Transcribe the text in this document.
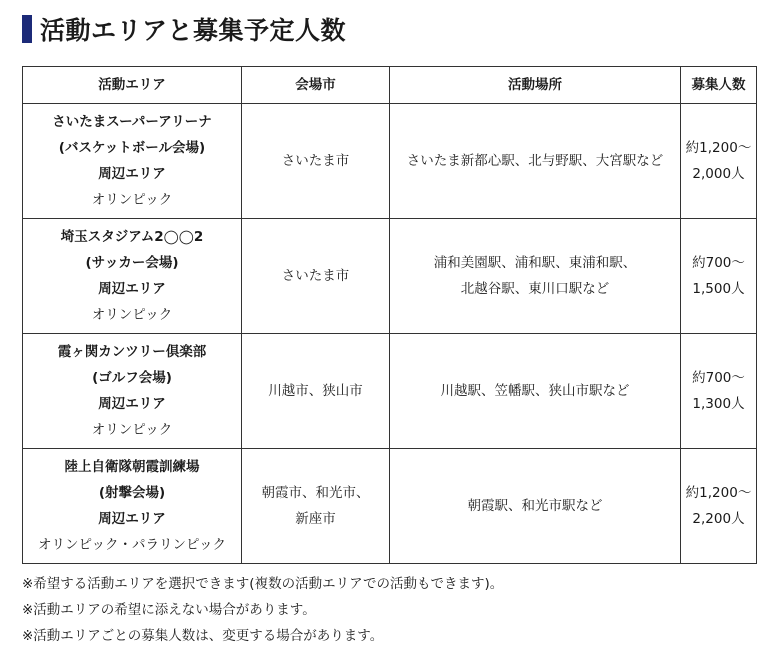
活動エリアと募集予定人数
活動エリア	会場市	活動場所	募集人数

さいたまスーパーアリーナ
(バスケットボール会場)
周辺エリア
オリンピック	さいたま市	さいたま新都心駅、北与野駅、大宮駅など	約1,200〜
2,000人

埼玉スタジアム2◯◯2
(サッカー会場)
周辺エリア
オリンピック	さいたま市	浦和美園駅、浦和駅、東浦和駅、
北越谷駅、東川口駅など	約700〜
1,500人

霞ヶ関カンツリー倶楽部
(ゴルフ会場)
周辺エリア
オリンピック	川越市、狭山市	川越駅、笠幡駅、狭山市駅など	約700〜
1,300人

陸上自衛隊朝霞訓練場
(射撃会場)
周辺エリア
オリンピック・パラリンピック	朝霞市、和光市、
新座市	朝霞駅、和光市駅など	約1,200〜
2,200人
※希望する活動エリアを選択できます(複数の活動エリアでの活動もできます)。
※活動エリアの希望に添えない場合があります。
※活動エリアごとの募集人数は、変更する場合があります。
